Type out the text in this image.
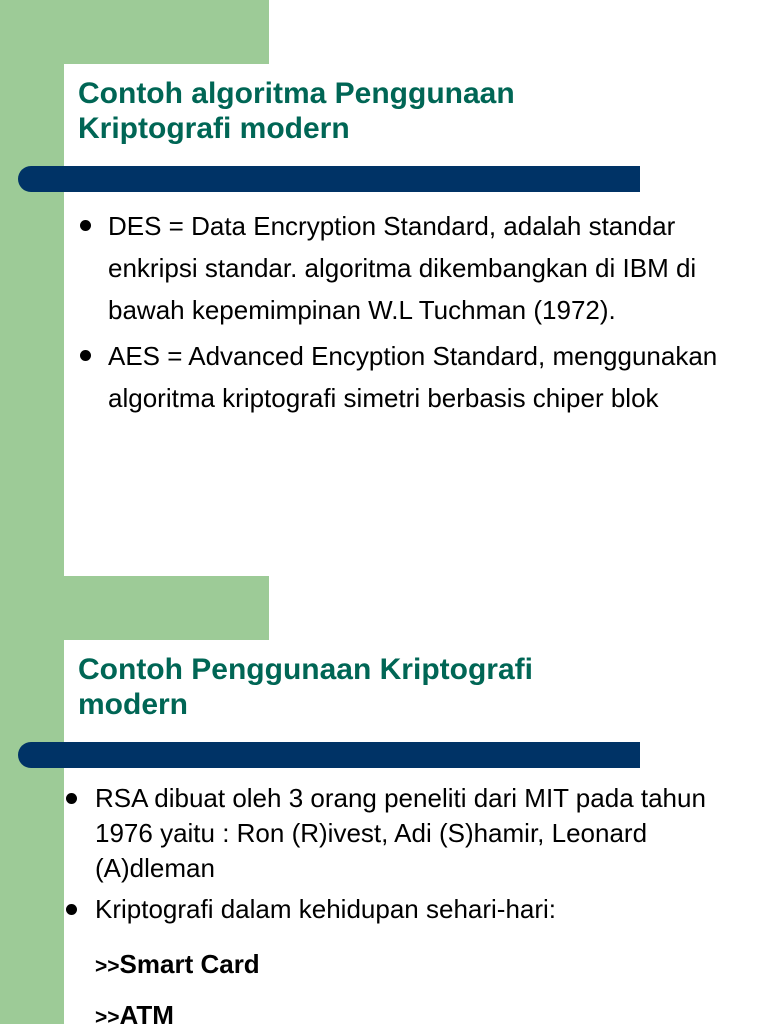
Contoh algoritma Penggunaan
Kriptografi modern
DES = Data Encryption Standard, adalah standar enkripsi standar. algoritma dikembangkan di IBM di bawah kepemimpinan W.L Tuchman (1972).
AES = Advanced Encyption Standard, menggunakan algoritma kriptografi simetri berbasis chiper blok
Contoh Penggunaan Kriptografi
modern
RSA dibuat oleh 3 orang peneliti dari MIT pada tahun 1976 yaitu : Ron (R)ivest, Adi (S)hamir, Leonard (A)dleman
Kriptografi dalam kehidupan sehari-hari:
>>Smart Card
>>ATM
